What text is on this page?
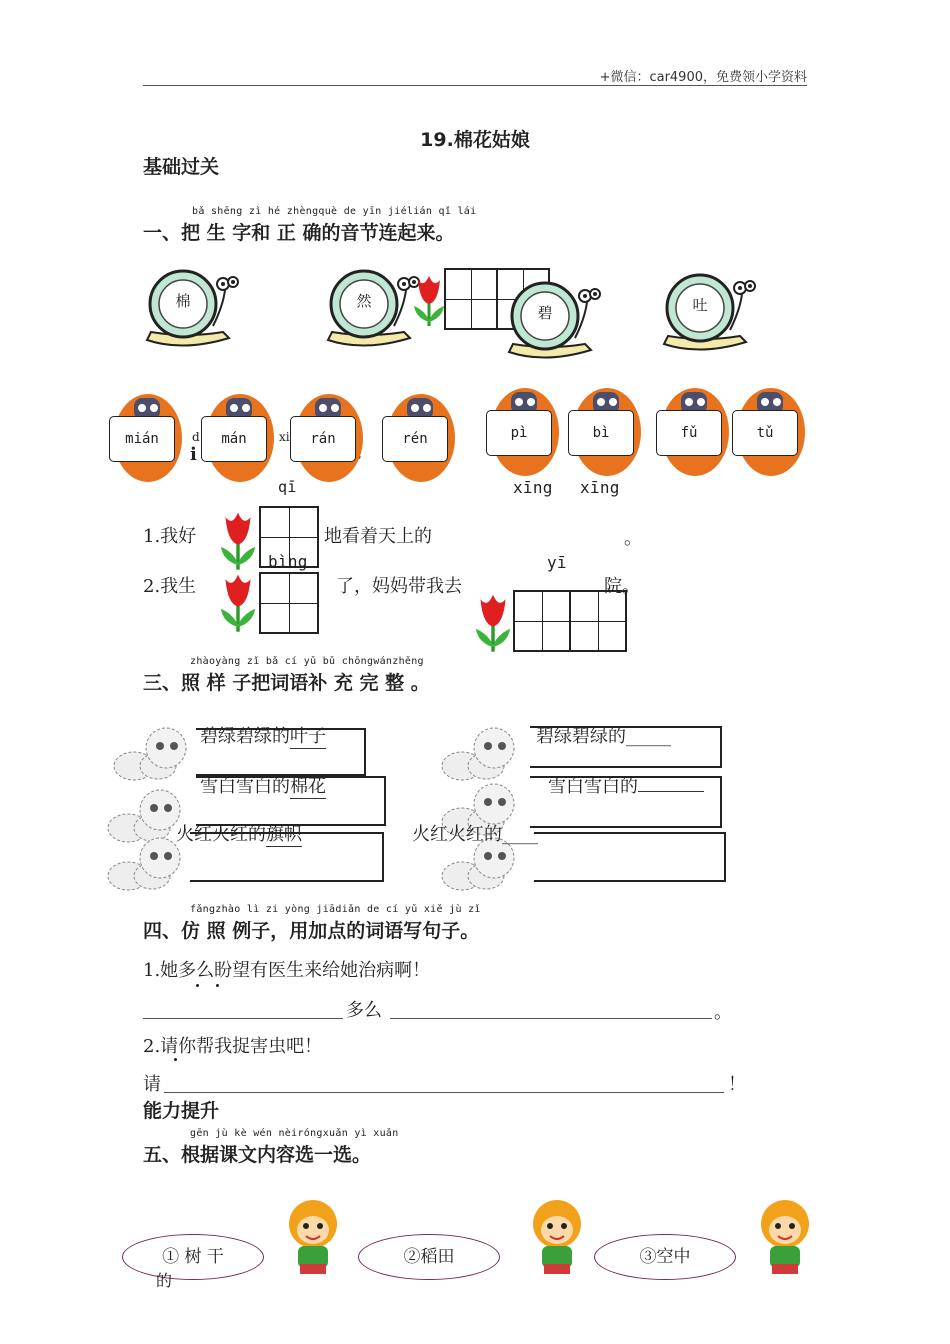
+微信：car4900，免费领小学资料
19.棉花姑娘
基础过关
bǎ shēng zì hé zhèngquè de yīn jiélián qǐ lái
一、把 生 字和 正 确的音节连起来。
棉	然
碧	吐
d
i
xi
mián	mán	rán	rén	pì	bì	fǔ	tǔ
qī	xīng xīng
1.我好	地看着天上的	。
bìng	yī
2.我生	了，妈妈带我去	院。
zhàoyàng zǐ bǎ cí yǔ bǔ chōngwánzhěng
三、照 样 子把词语补 充 完 整 。
碧绿碧绿的叶子
雪白雪白的棉花
火红火红的旗帜
碧绿碧绿的_____
雪白雪白的
火红火红的____
fǎngzhào lì zi yòng jiādiǎn de cí yǔ xiě jù zǐ
四、仿 照 例子，用加点的词语写句子。
1.她多么盼望有医生来给她治病啊！
多么	。
2.请你帮我捉害虫吧！
请	！
能力提升
gēn jù kè wén nèiróngxuǎn yì xuǎn
五、根据课文内容选一选。
① 树 干	②稻田	③空中
的
